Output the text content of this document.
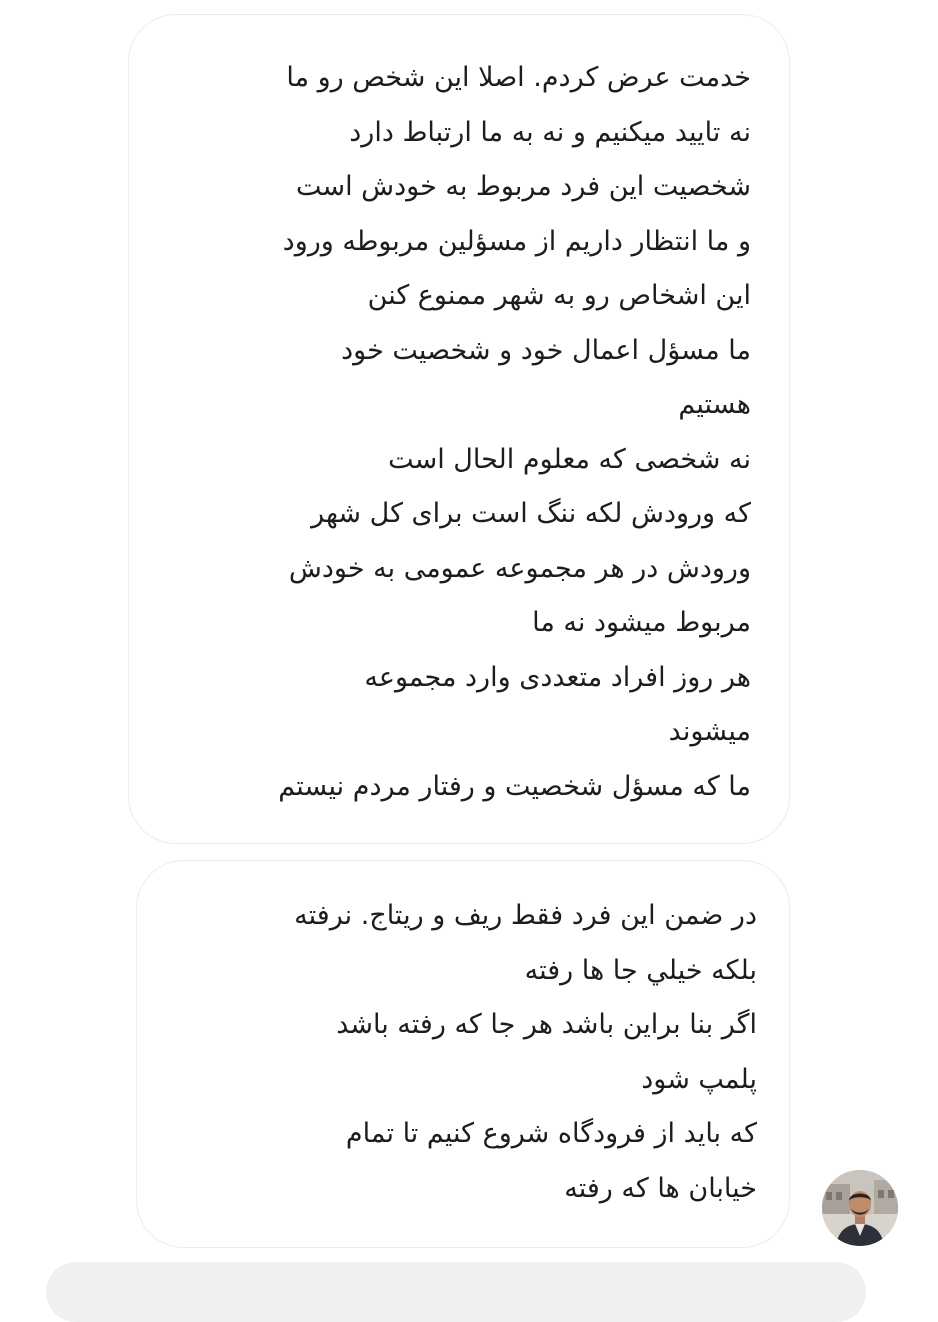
خدمت عرض کردم. اصلا این شخص رو ما
نه تایید میکنیم و نه به ما ارتباط دارد
شخصیت این فرد مربوط به خودش است
و ما انتظار داریم از مسؤلین مربوطه ورود
این اشخاص رو به شهر ممنوع کنن
ما مسؤل اعمال خود و شخصیت خود
هستیم
نه شخصی که معلوم الحال است
که ورودش لکه ننگ است برای کل شهر
ورودش در هر مجموعه عمومی به خودش
مربوط میشود نه ما
هر روز افراد متعددی وارد مجموعه
میشوند
ما که مسؤل شخصیت و رفتار مردم نیستم
در ضمن این فرد فقط ریف و ریتاج. نرفته
بلکه خیلي جا ها رفته
اگر بنا براین باشد هر جا که رفته باشد
پلمپ شود
که باید از فرودگاه شروع کنیم تا تمام
خیابان ها که رفته
